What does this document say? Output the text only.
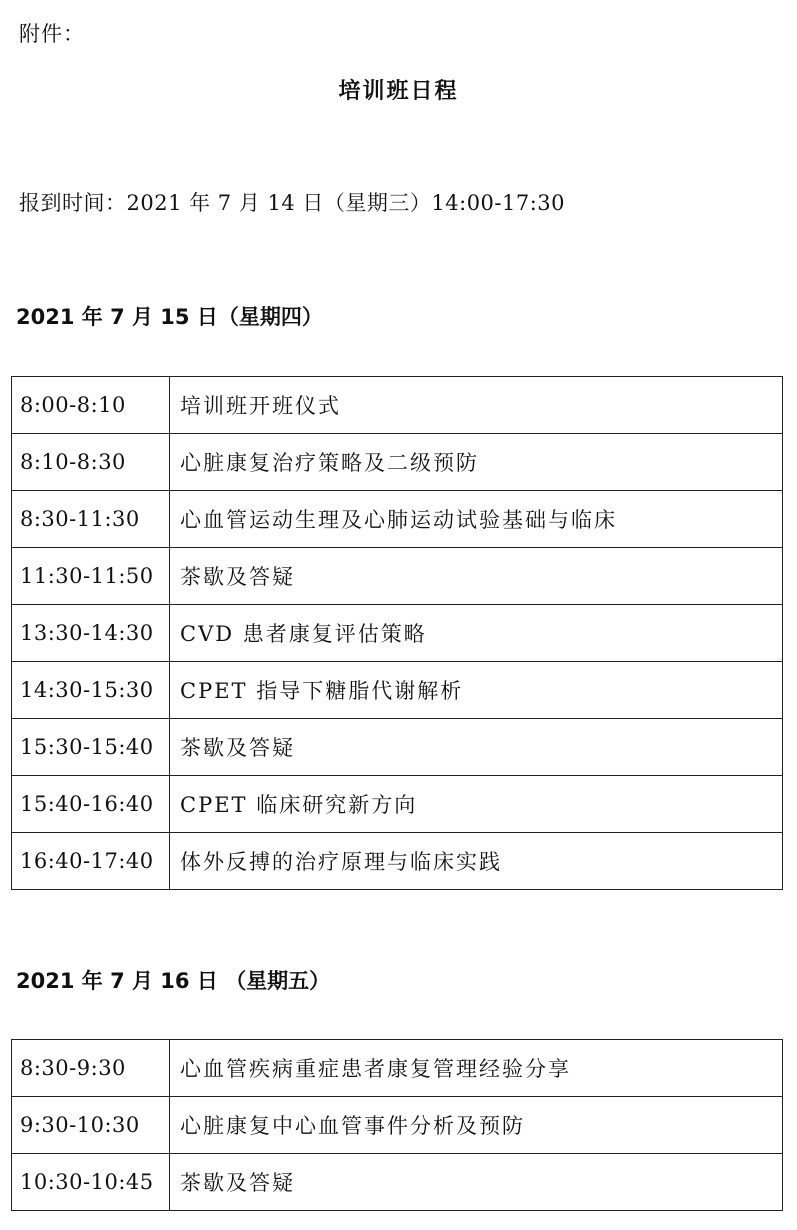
附件：
培训班日程
报到时间：2021 年 7 月 14 日（星期三）14:00-17:30
2021 年 7 月 15 日（星期四）
8:00-8:10	培训班开班仪式
8:10-8:30	心脏康复治疗策略及二级预防
8:30-11:30	心血管运动生理及心肺运动试验基础与临床
11:30-11:50	茶歇及答疑
13:30-14:30	CVD 患者康复评估策略
14:30-15:30	CPET 指导下糖脂代谢解析
15:30-15:40	茶歇及答疑
15:40-16:40	CPET 临床研究新方向
16:40-17:40	体外反搏的治疗原理与临床实践
2021 年 7 月 16 日 （星期五）
8:30-9:30	心血管疾病重症患者康复管理经验分享
9:30-10:30	心脏康复中心血管事件分析及预防
10:30-10:45	茶歇及答疑
